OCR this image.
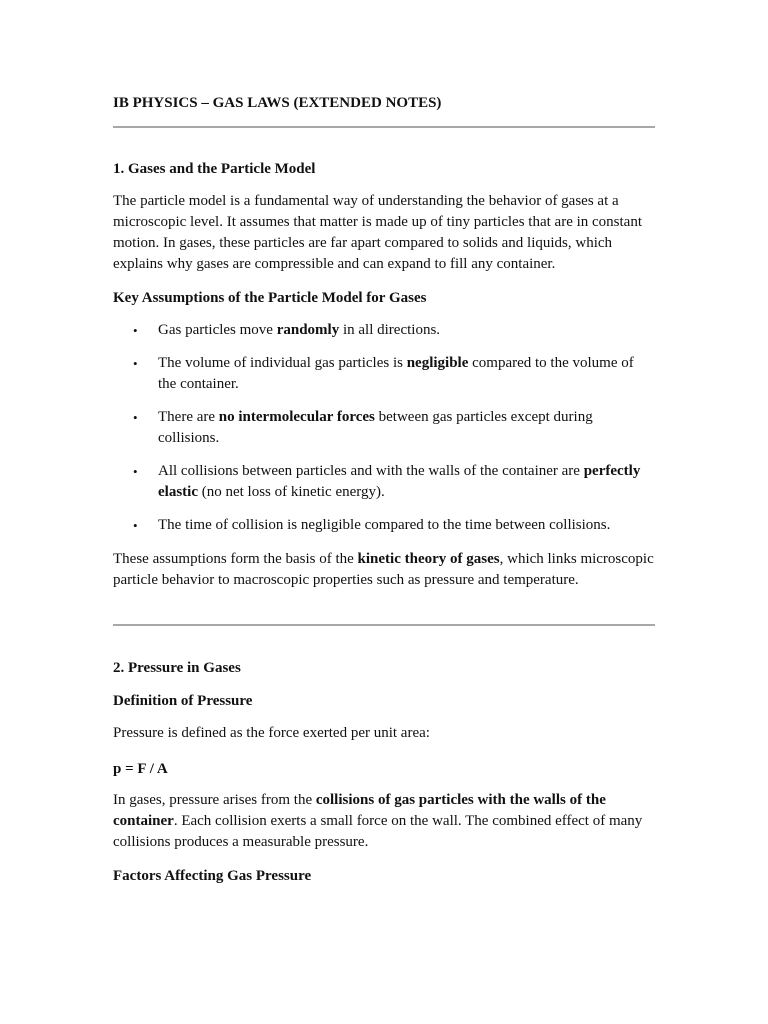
IB PHYSICS – GAS LAWS (EXTENDED NOTES)
1. Gases and the Particle Model

The particle model is a fundamental way of understanding the behavior of gases at a microscopic level. It assumes that matter is made up of tiny particles that are in constant motion. In gases, these particles are far apart compared to solids and liquids, which explains why gases are compressible and can expand to fill any container.

Key Assumptions of the Particle Model for Gases
• Gas particles move randomly in all directions.

• The volume of individual gas particles is negligible compared to the volume of the container.

• There are no intermolecular forces between gas particles except during collisions.

• All collisions between particles and with the walls of the container are perfectly elastic (no net loss of kinetic energy).

• The time of collision is negligible compared to the time between collisions.

These assumptions form the basis of the kinetic theory of gases, which links microscopic particle behavior to macroscopic properties such as pressure and temperature.

2. Pressure in Gases
Definition of Pressure

Pressure is defined as the force exerted per unit area:

p = F / A

In gases, pressure arises from the collisions of gas particles with the walls of the container. Each collision exerts a small force on the wall. The combined effect of many collisions produces a measurable pressure.

Factors Affecting Gas Pressure
